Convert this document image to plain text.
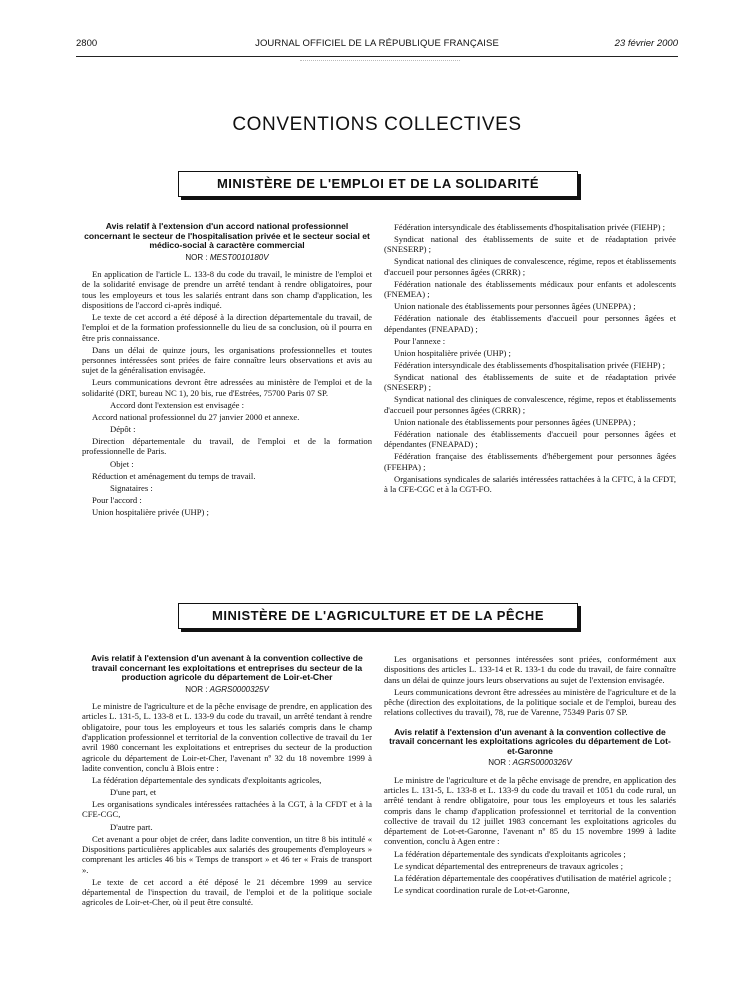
2800	JOURNAL OFFICIEL DE LA RÉPUBLIQUE FRANÇAISE	23 février 2000
CONVENTIONS COLLECTIVES
MINISTÈRE DE L'EMPLOI ET DE LA SOLIDARITÉ
Avis relatif à l'extension d'un accord national professionnel concernant le secteur de l'hospitalisation privée et le secteur social et médico-social à caractère commercial
NOR : MESТ0010180V

En application de l'article L. 133-8 du code du travail, le ministre de l'emploi et de la solidarité envisage de prendre un arrêté tendant à rendre obligatoires, pour tous les employeurs et tous les salariés entrant dans son champ d'application, les dispositions de l'accord ci-après indiqué.

Le texte de cet accord a été déposé à la direction départementale du travail, de l'emploi et de la formation professionnelle du lieu de sa conclusion, où il pourra en être pris connaissance.

Dans un délai de quinze jours, les organisations professionnelles et toutes personnes intéressées sont priées de faire connaître leurs observations et avis au sujet de la généralisation envisagée.

Leurs communications devront être adressées au ministère de l'emploi et de la solidarité (DRT, bureau NC 1), 20 bis, rue d'Estrées, 75700 Paris 07 SP.

Accord dont l'extension est envisagée :

Accord national professionnel du 27 janvier 2000 et annexe.

Dépôt :

Direction départementale du travail, de l'emploi et de la formation professionnelle de Paris.

Objet :

Réduction et aménagement du temps de travail.

Signataires :

Pour l'accord :

Union hospitalière privée (UHP) ;

Fédération intersyndicale des établissements d'hospitalisation privée (FIEHP) ;

Syndicat national des établissements de suite et de réadaptation privée (SNESERP) ;

Syndicat national des cliniques de convalescence, régime, repos et établissements d'accueil pour personnes âgées (CRRR) ;

Fédération nationale des établissements médicaux pour enfants et adolescents (FNEMEA) ;

Union nationale des établissements pour personnes âgées (UNEPPA) ;

Fédération nationale des établissements d'accueil pour personnes âgées et dépendantes (FNEAPAD) ;

Pour l'annexe :

Union hospitalière privée (UHP) ;

Fédération intersyndicale des établissements d'hospitalisation privée (FIEHP) ;

Syndicat national des établissements de suite et de réadaptation privée (SNESERP) ;

Syndicat national des cliniques de convalescence, régime, repos et établissements d'accueil pour personnes âgées (CRRR) ;

Union nationale des établissements pour personnes âgées (UNEPPA) ;

Fédération nationale des établissements d'accueil pour personnes âgées et dépendantes (FNEAPAD) ;

Fédération française des établissements d'hébergement pour personnes âgées (FFEHPA) ;

Organisations syndicales de salariés intéressées rattachées à la CFTC, à la CFDT, à la CFE-CGC et à la CGT-FO.

MINISTÈRE DE L'AGRICULTURE ET DE LA PÊCHE
Avis relatif à l'extension d'un avenant à la convention collective de travail concernant les exploitations et entreprises du secteur de la production agricole du département de Loir-et-Cher
NOR : AGRS0000325V

Le ministre de l'agriculture et de la pêche envisage de prendre, en application des articles L. 131-5, L. 133-8 et L. 133-9 du code du travail, un arrêté tendant à rendre obligatoire, pour tous les employeurs et tous les salariés compris dans le champ d'application professionnel et territorial de la convention collective de travail du 1er avril 1980 concernant les exploitations et entreprises du secteur de la production agricole du département de Loir-et-Cher, l'avenant nº 32 du 18 novembre 1999 à ladite convention, conclu à Blois entre :

La fédération départementale des syndicats d'exploitants agricoles,

D'une part, et

Les organisations syndicales intéressées rattachées à la CGT, à la CFDT et à la CFE-CGC,

D'autre part.

Cet avenant a pour objet de créer, dans ladite convention, un titre 8 bis intitulé « Dispositions particulières applicables aux salariés des groupements d'employeurs » comprenant les articles 46 bis « Temps de transport » et 46 ter « Frais de transport ».

Le texte de cet accord a été déposé le 21 décembre 1999 au service départemental de l'inspection du travail, de l'emploi et de la politique sociale agricoles de Loir-et-Cher, où il peut être consulté.

Les organisations et personnes intéressées sont priées, conformément aux dispositions des articles L. 133-14 et R. 133-1 du code du travail, de faire connaître dans un délai de quinze jours leurs observations au sujet de l'extension envisagée.

Leurs communications devront être adressées au ministère de l'agriculture et de la pêche (direction des exploitations, de la politique sociale et de l'emploi, bureau des relations collectives du travail), 78, rue de Varenne, 75349 Paris 07 SP.

Avis relatif à l'extension d'un avenant à la convention collective de travail concernant les exploitations agricoles du département de Lot-et-Garonne
NOR : AGRS0000326V

Le ministre de l'agriculture et de la pêche envisage de prendre, en application des articles L. 131-5, L. 133-8 et L. 133-9 du code du travail et 1051 du code rural, un arrêté tendant à rendre obligatoire, pour tous les employeurs et tous les salariés compris dans le champ d'application professionnel et territorial de la convention collective de travail du 12 juillet 1983 concernant les exploitations agricoles du département de Lot-et-Garonne, l'avenant nº 85 du 15 novembre 1999 à ladite convention, conclu à Agen entre :

La fédération départementale des syndicats d'exploitants agricoles ;

Le syndicat départemental des entrepreneurs de travaux agricoles ;

La fédération départementale des coopératives d'utilisation de matériel agricole ;

Le syndicat coordination rurale de Lot-et-Garonne,
